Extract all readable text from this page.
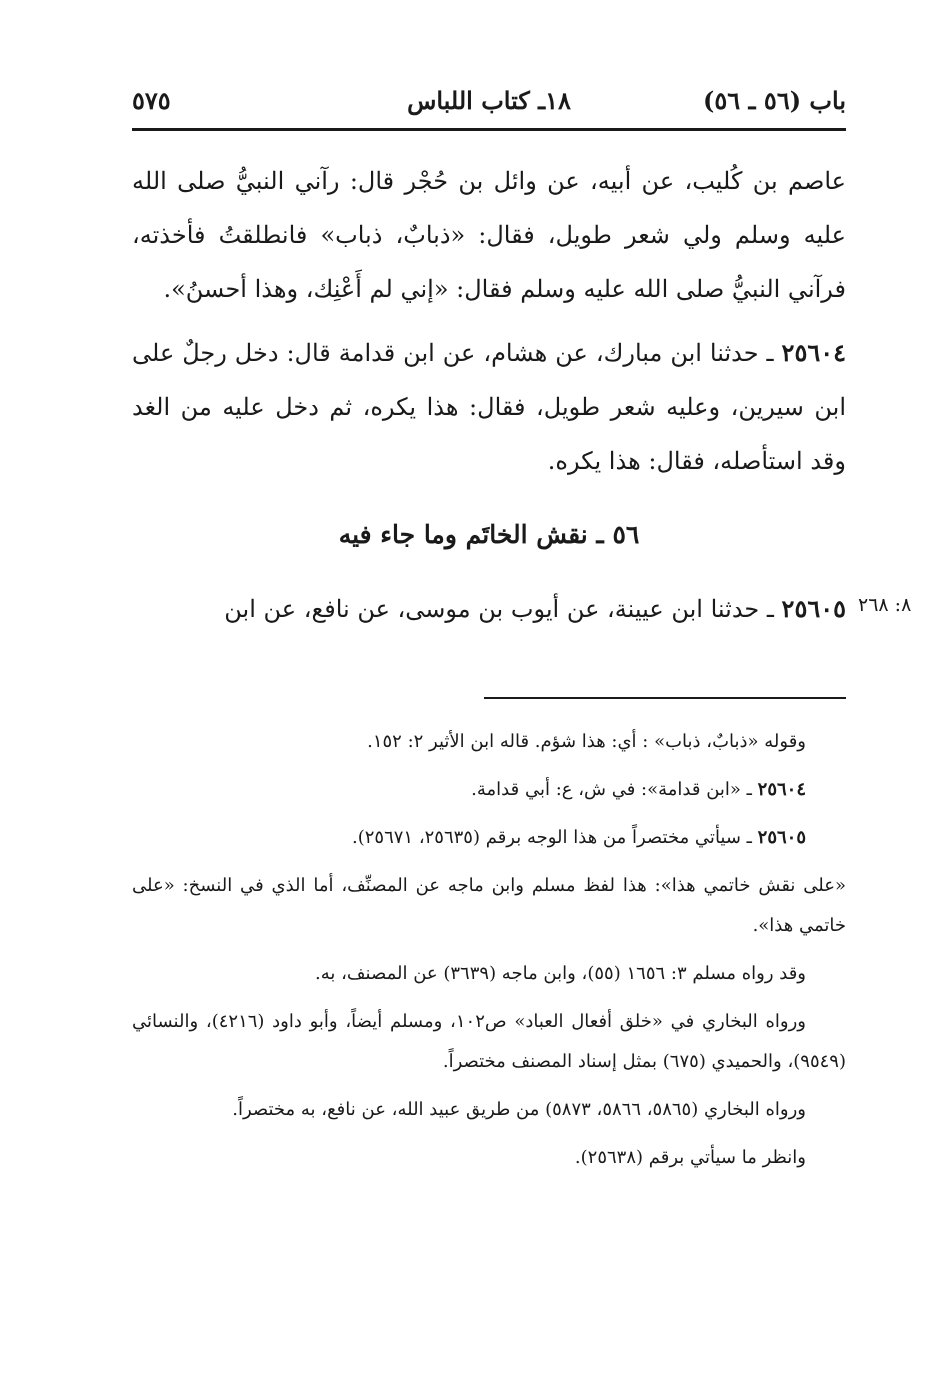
باب (٥٦ ـ ٥٦)
١٨ـ كتاب اللباس
٥٧٥
عاصم بن كُليب، عن أبيه، عن وائل بن حُجْر قال: رآني النبيُّ صلى الله عليه وسلم ولي شعر طويل، فقال: «ذبابٌ، ذباب» فانطلقتُ فأخذته، فرآني النبيُّ صلى الله عليه وسلم فقال: «إني لم أَعْنِك، وهذا أحسنُ».
٢٥٦٠٤ ـ حدثنا ابن مبارك، عن هشام، عن ابن قدامة قال: دخل رجلٌ على ابن سيرين، وعليه شعر طويل، فقال: هذا يكره، ثم دخل عليه من الغد وقد استأصله، فقال: هذا يكره.
٥٦ ـ نقش الخاتَم وما جاء فيه
٢٥٦٠٥ ـ حدثنا ابن عيينة، عن أيوب بن موسى، عن نافع، عن ابن	٨: ٢٦٨

وقوله «ذبابٌ، ذباب» : أي: هذا شؤم. قاله ابن الأثير ٢: ١٥٢.

٢٥٦٠٤ ـ «ابن قدامة»: في ش، ع: أبي قدامة.

٢٥٦٠٥ ـ سيأتي مختصراً من هذا الوجه برقم (٢٥٦٣٥، ٢٥٦٧١).

«على نقش خاتمي هذا»: هذا لفظ مسلم وابن ماجه عن المصنِّف، أما الذي في النسخ: «على خاتمي هذا».

وقد رواه مسلم ٣: ١٦٥٦ (٥٥)، وابن ماجه (٣٦٣٩) عن المصنف، به.

ورواه البخاري في «خلق أفعال العباد» ص١٠٢، ومسلم أيضاً، وأبو داود (٤٢١٦)، والنسائي (٩٥٤٩)، والحميدي (٦٧٥) بمثل إسناد المصنف مختصراً.

ورواه البخاري (٥٨٦٥، ٥٨٦٦، ٥٨٧٣) من طريق عبيد الله، عن نافع، به مختصراً.

وانظر ما سيأتي برقم (٢٥٦٣٨).
